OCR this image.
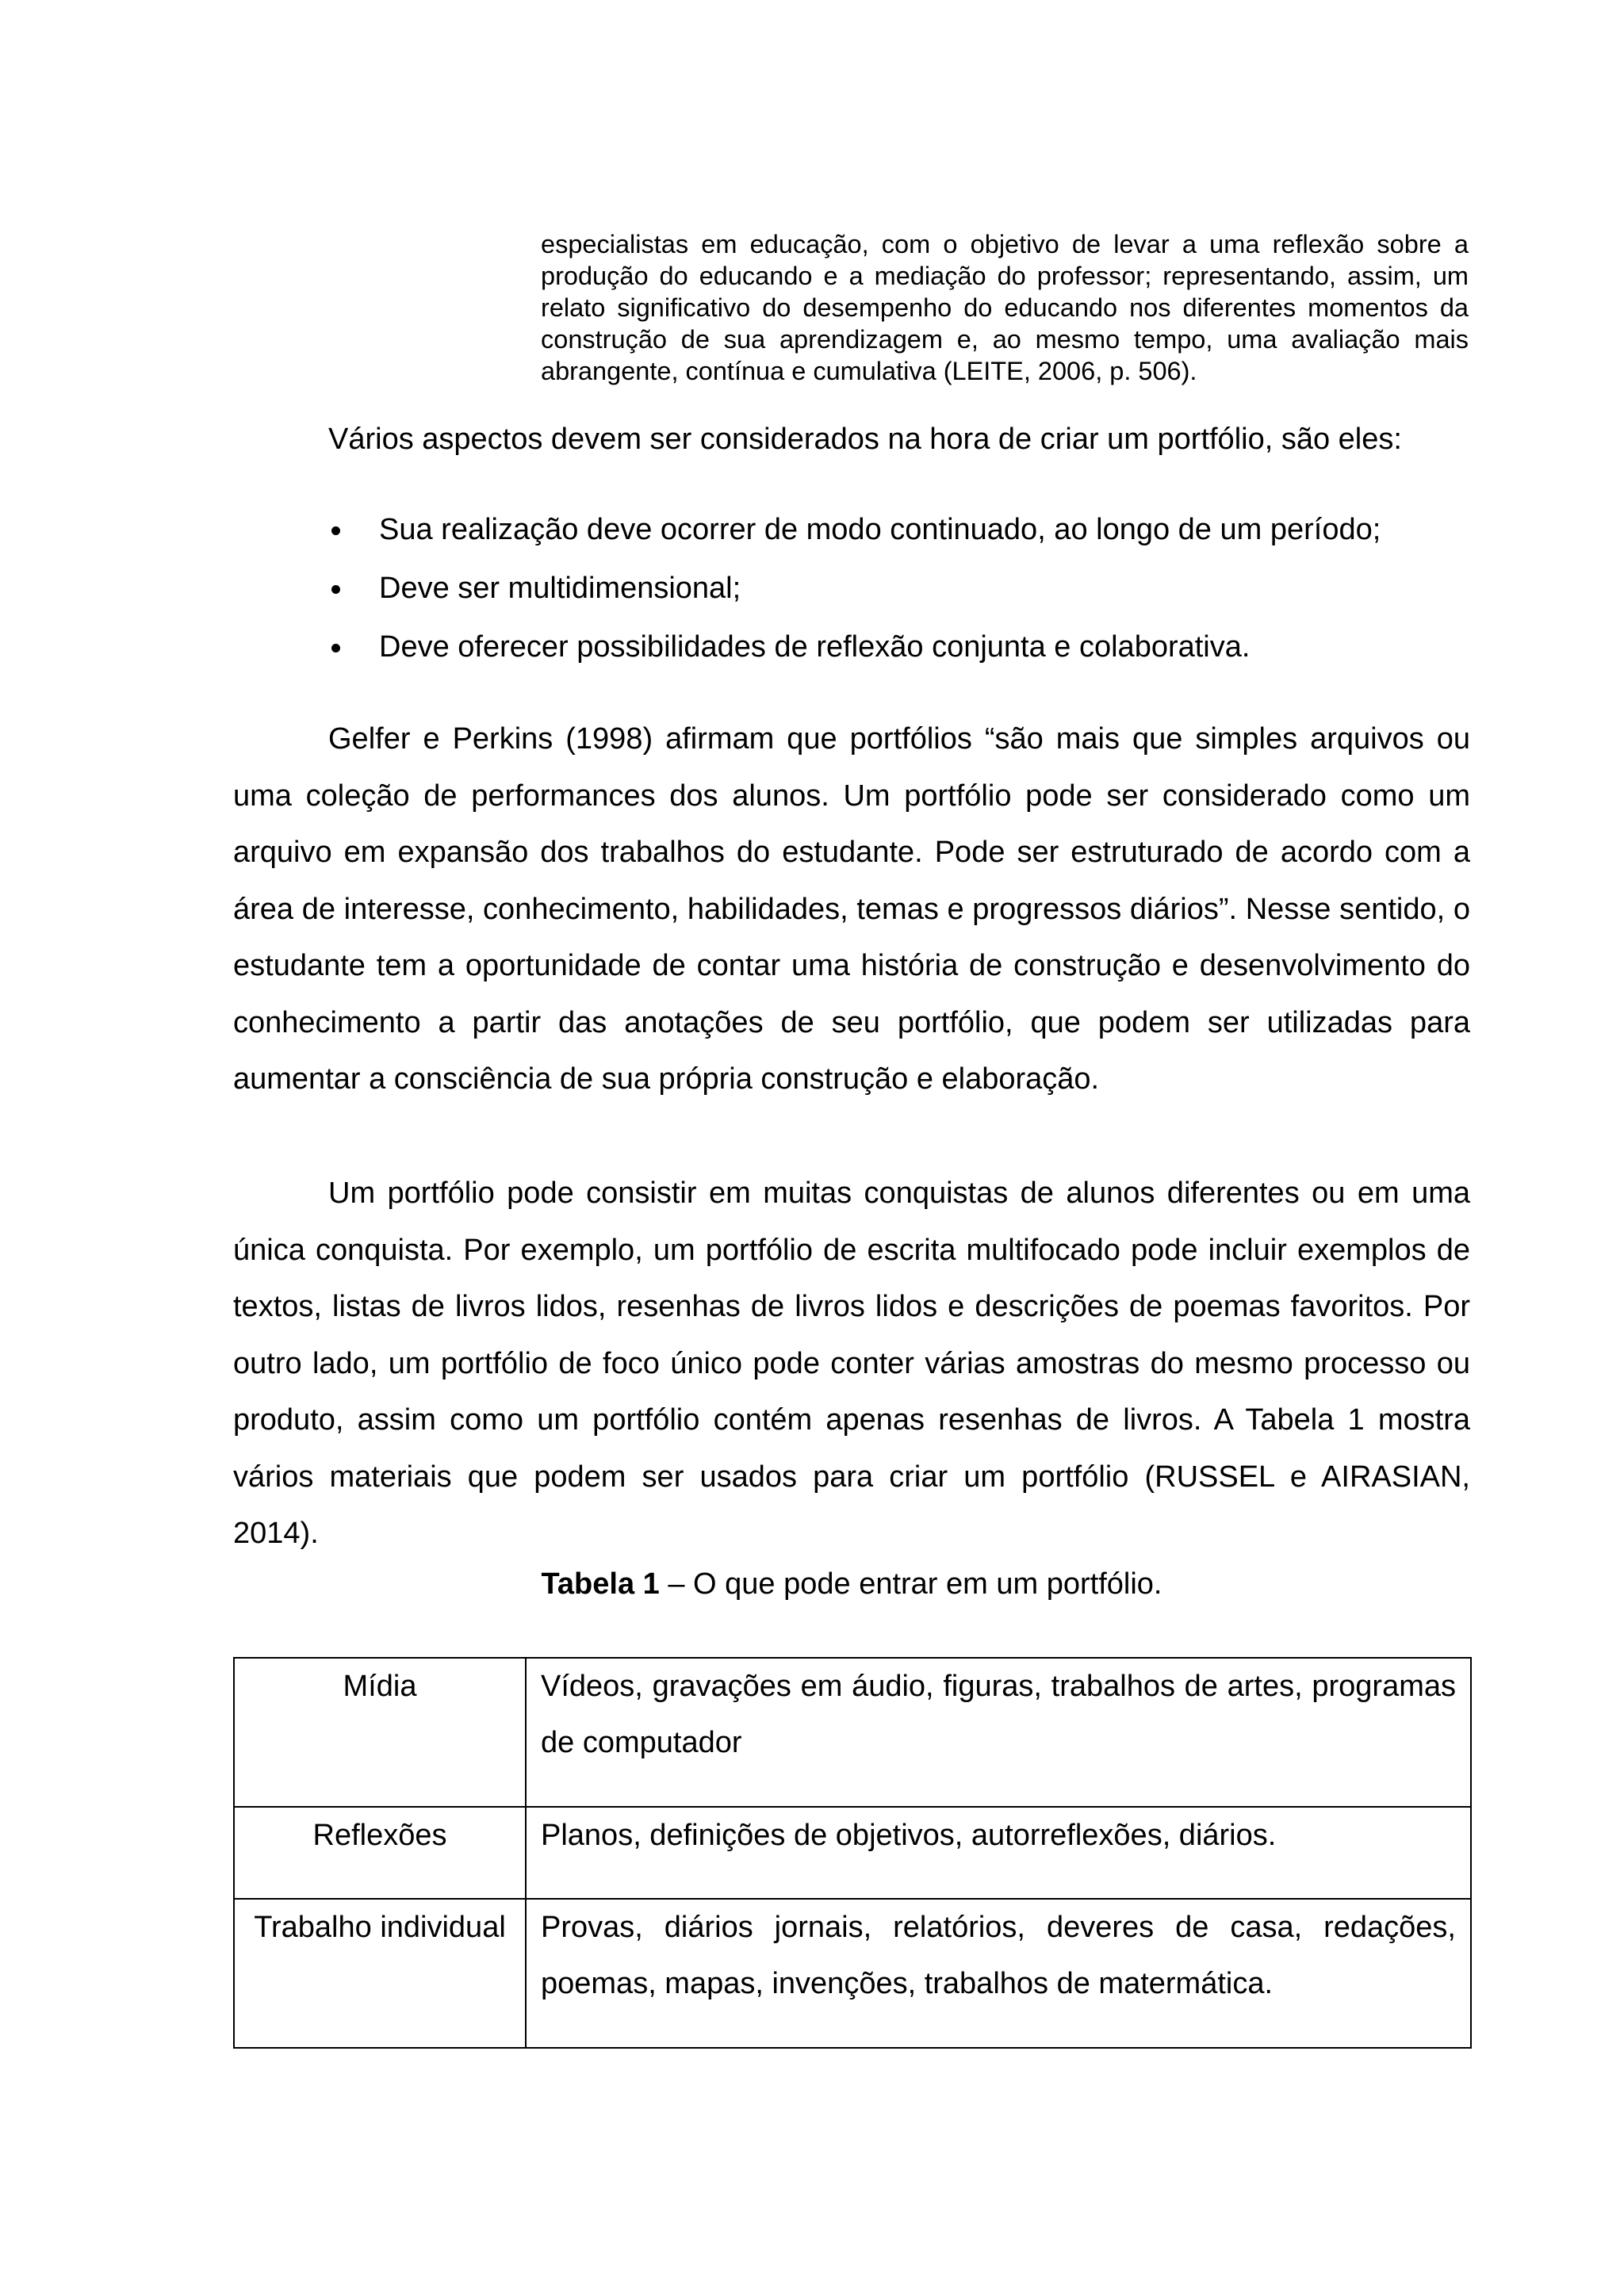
especialistas em educação, com o objetivo de levar a uma reflexão sobre a produção do educando e a mediação do professor; representando, assim, um relato significativo do desempenho do educando nos diferentes momentos da construção de sua aprendizagem e, ao mesmo tempo, uma avaliação mais abrangente, contínua e cumulativa (LEITE, 2006, p. 506).
Vários aspectos devem ser considerados na hora de criar um portfólio, são eles:
Sua realização deve ocorrer de modo continuado, ao longo de um período;
Deve ser multidimensional;
Deve oferecer possibilidades de reflexão conjunta e colaborativa.

Gelfer e Perkins (1998) afirmam que portfólios “são mais que simples arquivos ou uma coleção de performances dos alunos. Um portfólio pode ser considerado como um arquivo em expansão dos trabalhos do estudante. Pode ser estruturado de acordo com a área de interesse, conhecimento, habilidades, temas e progressos diários”. Nesse sentido, o estudante tem a oportunidade de contar uma história de construção e desenvolvimento do conhecimento a partir das anotações de seu portfólio, que podem ser utilizadas para aumentar a consciência de sua própria construção e elaboração.

Um portfólio pode consistir em muitas conquistas de alunos diferentes ou em uma única conquista. Por exemplo, um portfólio de escrita multifocado pode incluir exemplos de textos, listas de livros lidos, resenhas de livros lidos e descrições de poemas favoritos. Por outro lado, um portfólio de foco único pode conter várias amostras do mesmo processo ou produto, assim como um portfólio contém apenas resenhas de livros. A Tabela 1 mostra vários materiais que podem ser usados para criar um portfólio (RUSSEL e AIRASIAN, 2014).

Tabela 1 – O que pode entrar em um portfólio.
Mídia	Vídeos, gravações em áudio, figuras, trabalhos de artes, programas de computador
Reflexões	Planos, definições de objetivos, autorreflexões, diários.
Trabalho individual	Provas, diários jornais, relatórios, deveres de casa, redações, poemas, mapas, invenções, trabalhos de matermática.
